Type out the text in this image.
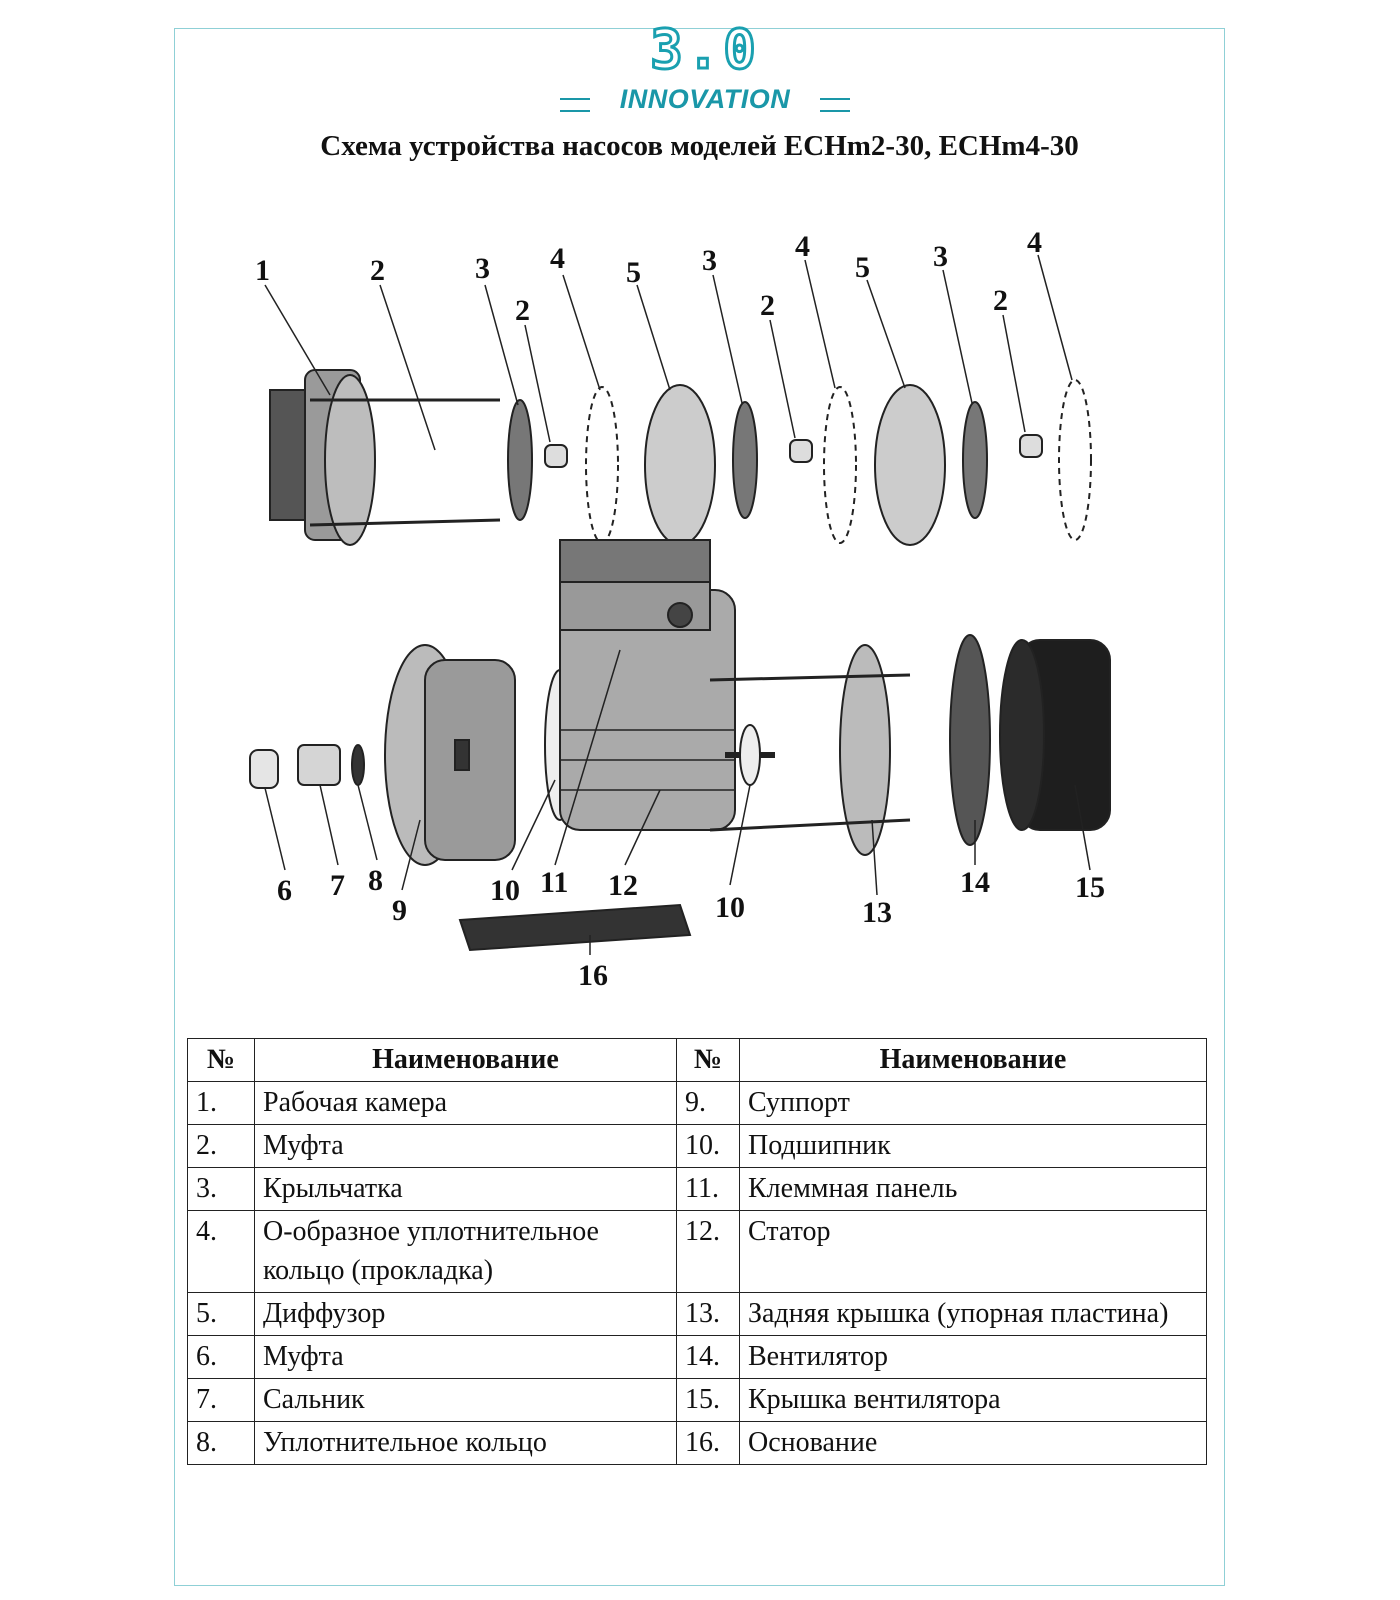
3.0
INNOVATION
Схема устройства насосов моделей ECHm2-30, ECHm4-30
1	2	3
2
4 5 3
2
4
5 3
2
4
6 7 8
9
10 11 12
10	13
14	15
16
№	Наименование	№	Наименование
1.	Рабочая камера	9.	Суппорт
2.	Муфта	10.	Подшипник
3.	Крыльчатка	11.	Клеммная панель
4.	О-образное уплотнительное кольцо (прокладка)	12.	Статор
5.	Диффузор	13.	Задняя крышка (упорная пластина)
6.	Муфта	14.	Вентилятор
7.	Сальник	15.	Крышка вентилятора
8.	Уплотнительное кольцо	16.	Основание
